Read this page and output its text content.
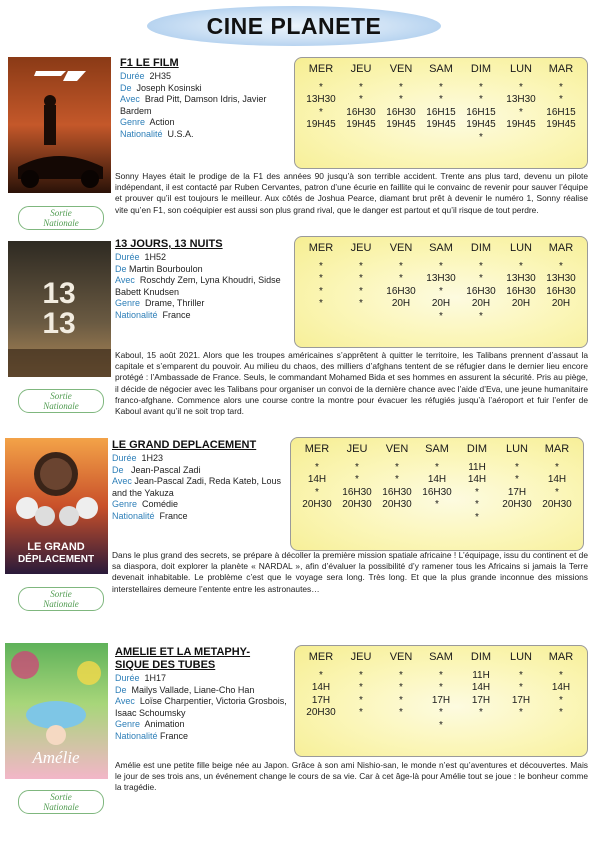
CINE PLANETE
Sortie
Nationale
F1 LE FILM
Durée 2H35
De Joseph Kosinski
Avec Brad Pitt, Damson Idris, Javier Bardem
Genre Action
Nationalité U.S.A.
MER
*
13H30
*
19H45
JEU
*
*
16H30
19H45
VEN
*
*
16H30
19H45
SAM
*
*
16H15
19H45
DIM
*
*
16H15
19H45
*
LUN
*
13H30
*
19H45
MAR
*
*
16H15
19H45
Sonny Hayes était le prodige de la F1 des années 90 jusqu’à son terrible accident. Trente ans plus tard, devenu un pilote indépendant, il est contacté par Ruben Cervantes, patron d’une écurie en faillite qui le convainc de revenir pour sauver l’équipe et prouver qu’il est toujours le meilleur. Aux côtés de Joshua Pearce, diamant brut prêt à devenir le numéro 1, Sonny réalise vite qu’en F1, son coéquipier est aussi son plus grand rival, que le danger est partout et qu’il risque de tout perdre.
13
13
Sortie
Nationale
13 JOURS, 13 NUITS
Durée 1H52
De Martin Bourboulon
Avec Roschdy Zem, Lyna Khoudri, Sidse Babett Knudsen
Genre Drame, Thriller
Nationalité France
MER
*
*
*
*
JEU
*
*
*
*
VEN
*
*
16H30
20H
SAM
*
13H30
*
20H
*
DIM
*
*
16H30
20H
*
LUN
*
13H30
16H30
20H
MAR
*
13H30
16H30
20H
Kaboul, 15 août 2021. Alors que les troupes américaines s’apprêtent à quitter le territoire, les Talibans prennent d’assaut la capitale et s’emparent du pouvoir. Au milieu du chaos, des milliers d’afghans tentent de se réfugier dans le dernier lieu encore protégé : l’Ambassade de France. Seuls, le commandant Mohamed Bida et ses hommes en assurent la sécurité. Pris au piège, il décide de négocier avec les Talibans pour organiser un convoi de la dernière chance avec l’aide d’Eva, une jeune humanitaire franco-afghane. Commence alors une course contre la montre pour évacuer les réfugiés jusqu’à l’aéroport et fuir l’enfer de Kaboul avant qu’il ne soit trop tard.
LE GRAND
DÉPLACEMENT
Sortie
Nationale
LE GRAND DEPLACEMENT
Durée 1H23
De Jean-Pascal Zadi
Avec Jean-Pascal Zadi, Reda Kateb, Lous and the Yakuza
Genre Comédie
Nationalité France
MER
*
14H
*
20H30
JEU
*
*
16H30
20H30
VEN
*
*
16H30
20H30
SAM
*
14H
16H30
*
DIM
11H
14H
*
*
*
LUN
*
*
17H
20H30
MAR
*
14H
*
20H30
Dans le plus grand des secrets, se prépare à décoller la première mission spatiale africaine ! L’équipage, issu du continent et de sa diaspora, doit explorer la planète « NARDAL », afin d’évaluer la possibilité d’y ramener tous les Africains si jamais la Terre devenait inhabitable. Le problème c’est que le voyage sera long. Très long. Et que la plus grande inconnue des missions interstellaires demeure l’entente entre les astronautes…
Amélie
Sortie
Nationale
AMELIE ET LA METAPHY-
SIQUE DES TUBES
Durée 1H17
De Mailys Vallade, Liane-Cho Han
Avec Loïse Charpentier, Victoria Grosbois, Isaac Schoumsky
Genre Animation
Nationalité France
MER
*
14H
17H
20H30
JEU
*
*
*
*
VEN
*
*
*
*
SAM
*
*
17H
*
*
DIM
11H
14H
17H
*
LUN
*
*
17H
*
MAR
*
14H
*
*
Amélie est une petite fille beige née au Japon. Grâce à son ami Nishio-san, le monde n’est qu’aventures et découvertes. Mais le jour de ses trois ans, un événement change le cours de sa vie. Car à cet âge-là pour Amélie tout se joue : le bonheur comme la tragédie.
